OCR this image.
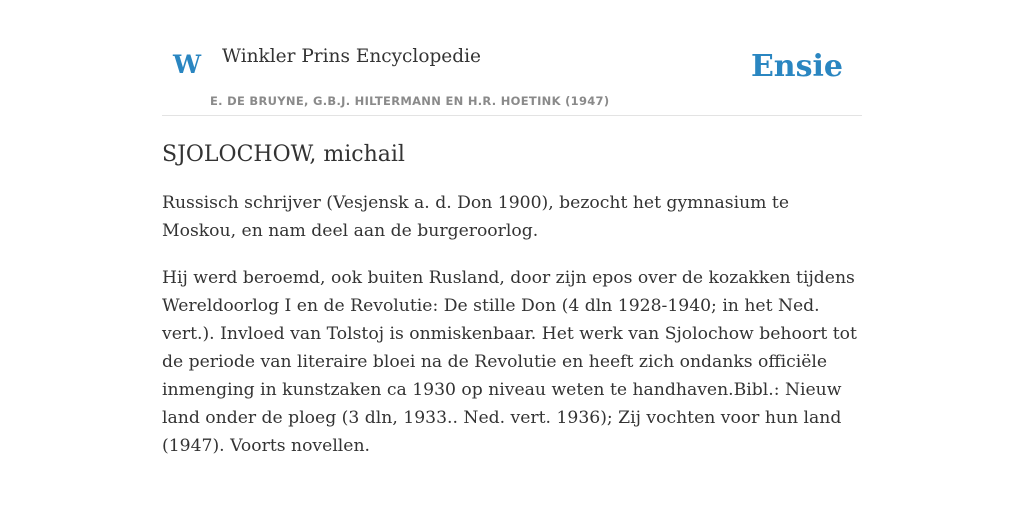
W Winkler Prins Encyclopedie
E. DE BRUYNE, G.B.J. HILTERMANN EN H.R. HOETINK (1947)
Ensie
SJOLOCHOW, michail

Russisch schrijver (Vesjensk a. d. Don 1900), bezocht het gymnasium te Moskou, en nam deel aan de burgeroorlog.

Hij werd beroemd, ook buiten Rusland, door zijn epos over de kozakken tijdens Wereldoorlog I en de Revolutie: De stille Don (4 dln 1928-1940; in het Ned. vert.). Invloed van Tolstoj is onmiskenbaar. Het werk van Sjolochow behoort tot de periode van literaire bloei na de Revolutie en heeft zich ondanks officiële inmenging in kunstzaken ca 1930 op niveau weten te handhaven.Bibl.: Nieuw land onder de ploeg (3 dln, 1933.. Ned. vert. 1936); Zij vochten voor hun land (1947). Voorts novellen.
